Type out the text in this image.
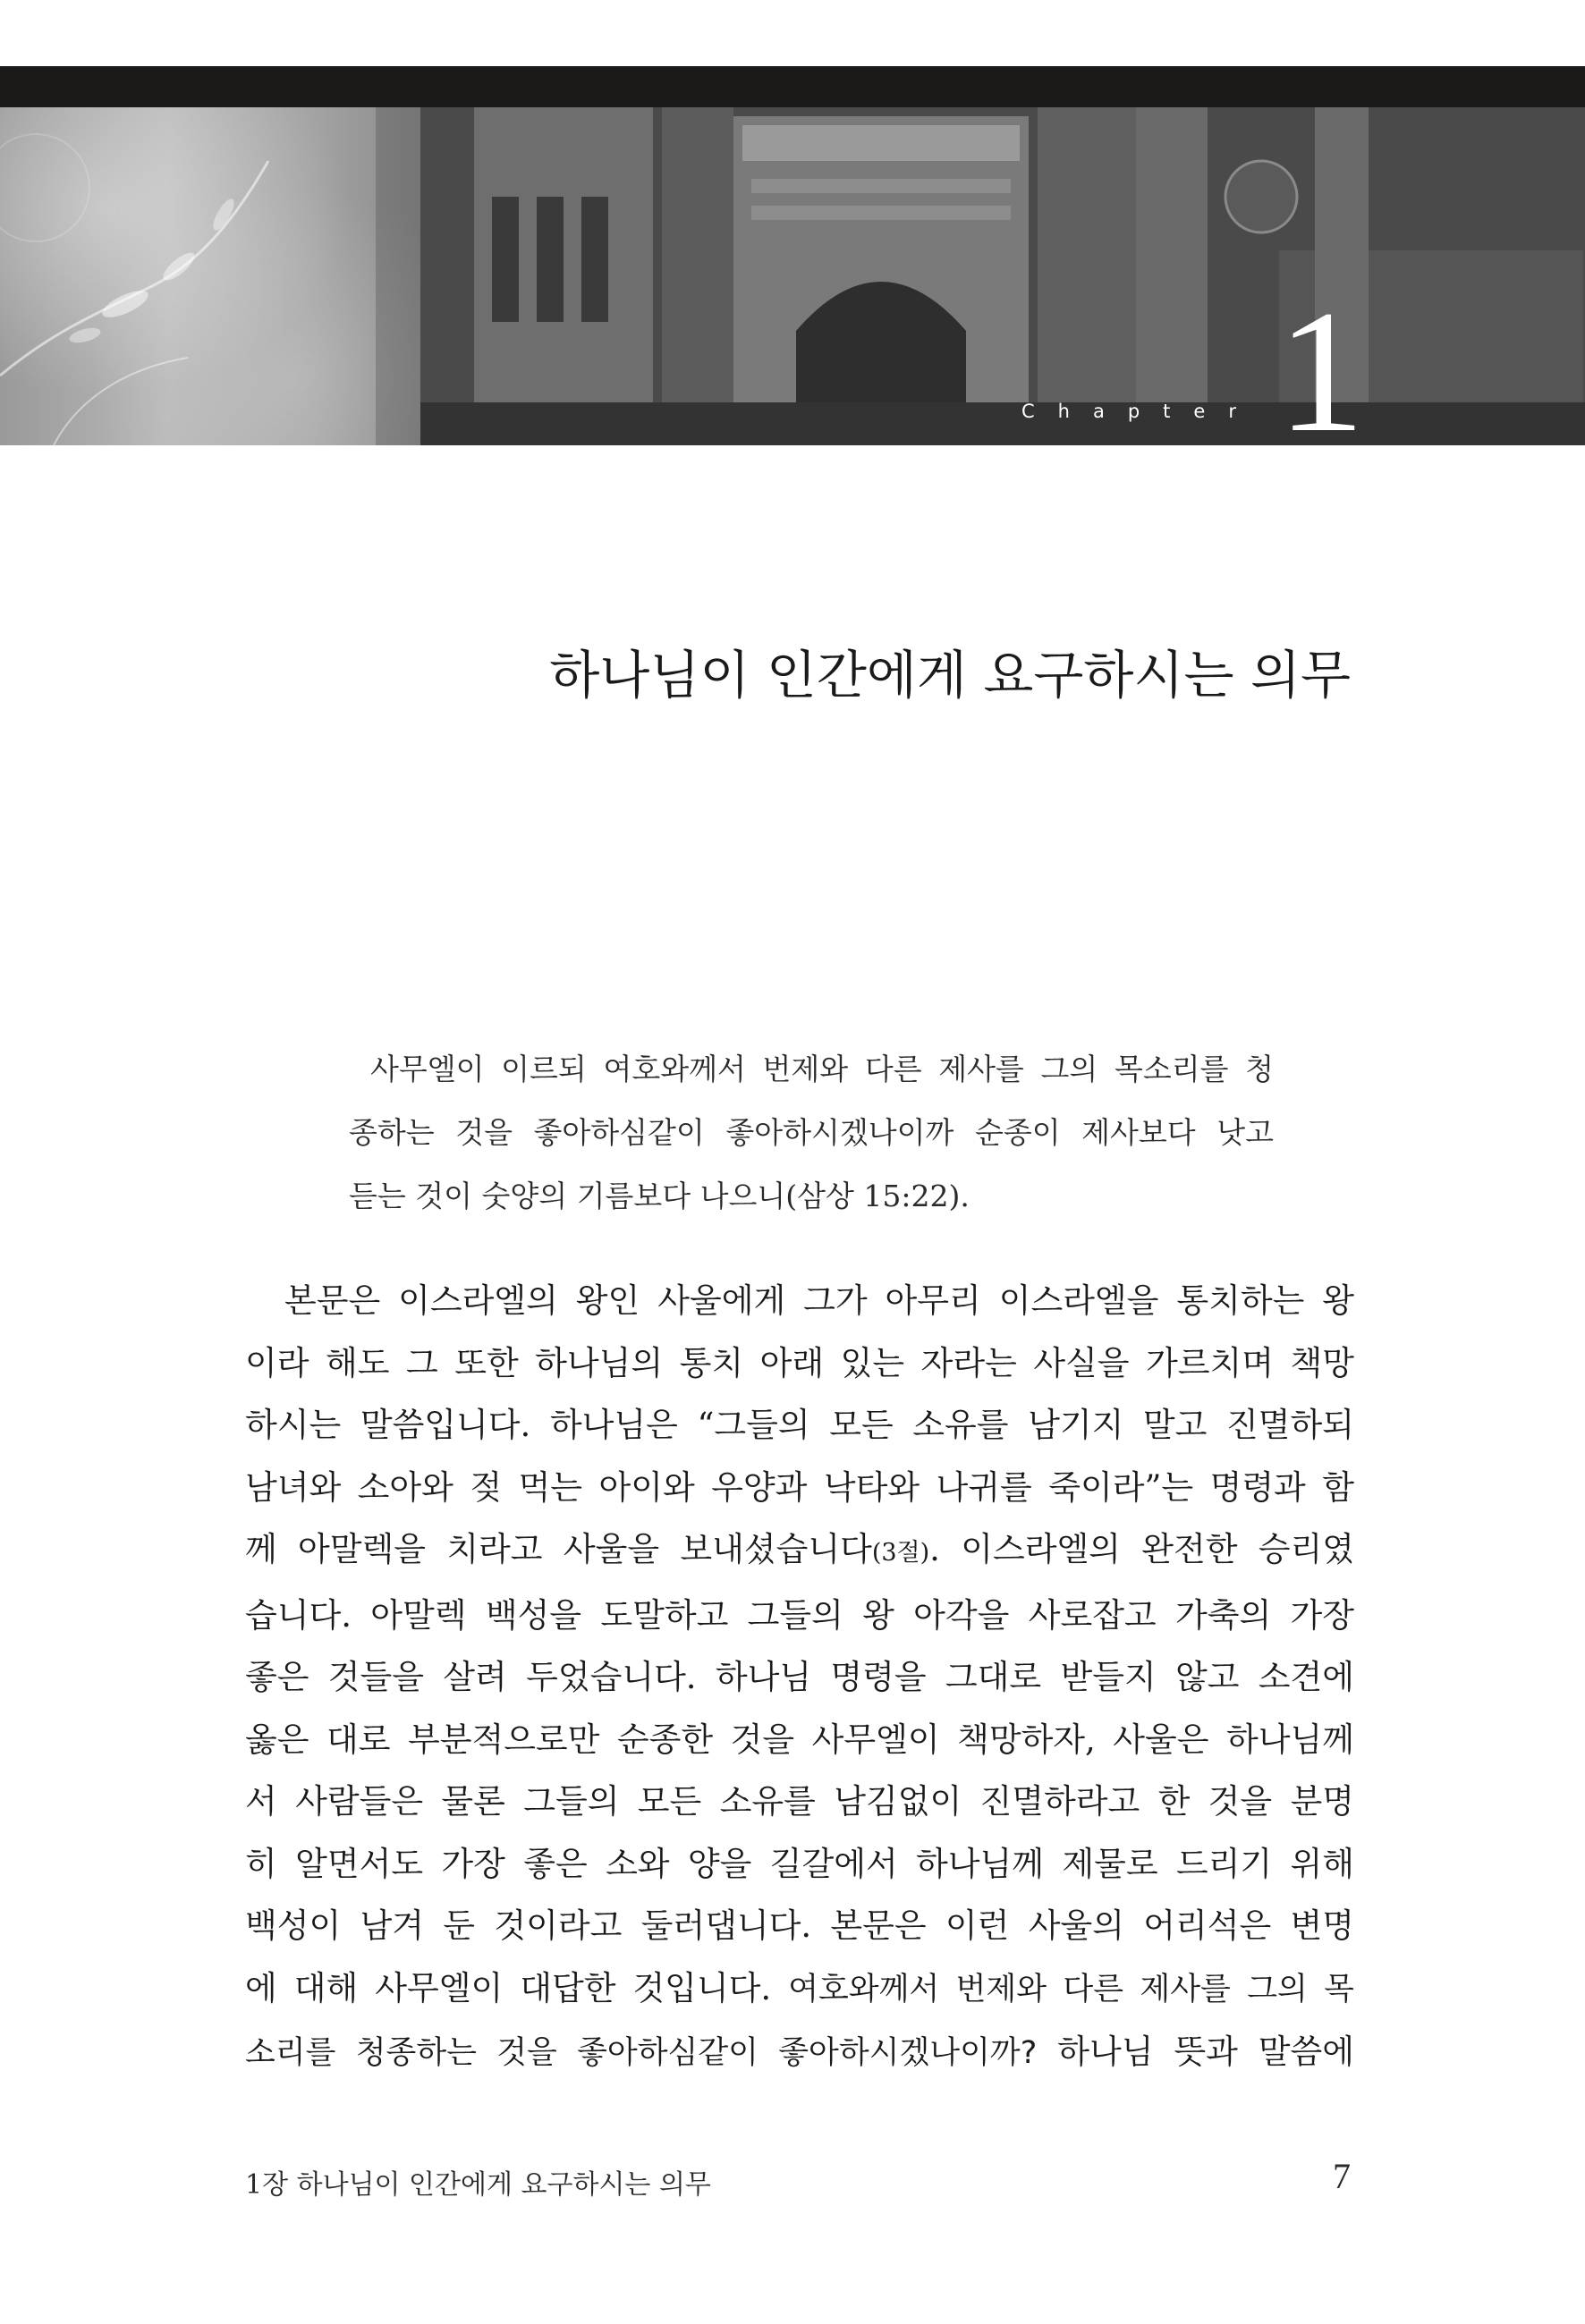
Chapter 1
하나님이 인간에게 요구하시는 의무

사무엘이 이르되 여호와께서 번제와 다른 제사를 그의 목소리를 청

종하는 것을 좋아하심같이 좋아하시겠나이까 순종이 제사보다 낫고

듣는 것이 숫양의 기름보다 나으니(삼상 15:22).

본문은 이스라엘의 왕인 사울에게 그가 아무리 이스라엘을 통치하는 왕

이라 해도 그 또한 하나님의 통치 아래 있는 자라는 사실을 가르치며 책망

하시는 말씀입니다. 하나님은 “그들의 모든 소유를 남기지 말고 진멸하되

남녀와 소아와 젖 먹는 아이와 우양과 낙타와 나귀를 죽이라”는 명령과 함

께 아말렉을 치라고 사울을 보내셨습니다(3절). 이스라엘의 완전한 승리였

습니다. 아말렉 백성을 도말하고 그들의 왕 아각을 사로잡고 가축의 가장

좋은 것들을 살려 두었습니다. 하나님 명령을 그대로 받들지 않고 소견에

옳은 대로 부분적으로만 순종한 것을 사무엘이 책망하자, 사울은 하나님께

서 사람들은 물론 그들의 모든 소유를 남김없이 진멸하라고 한 것을 분명

히 알면서도 가장 좋은 소와 양을 길갈에서 하나님께 제물로 드리기 위해

백성이 남겨 둔 것이라고 둘러댑니다. 본문은 이런 사울의 어리석은 변명

에 대해 사무엘이 대답한 것입니다. 여호와께서 번제와 다른 제사를 그의 목

소리를 청종하는 것을 좋아하심같이 좋아하시겠나이까? 하나님 뜻과 말씀에

1장 하나님이 인간에게 요구하시는 의무	7
